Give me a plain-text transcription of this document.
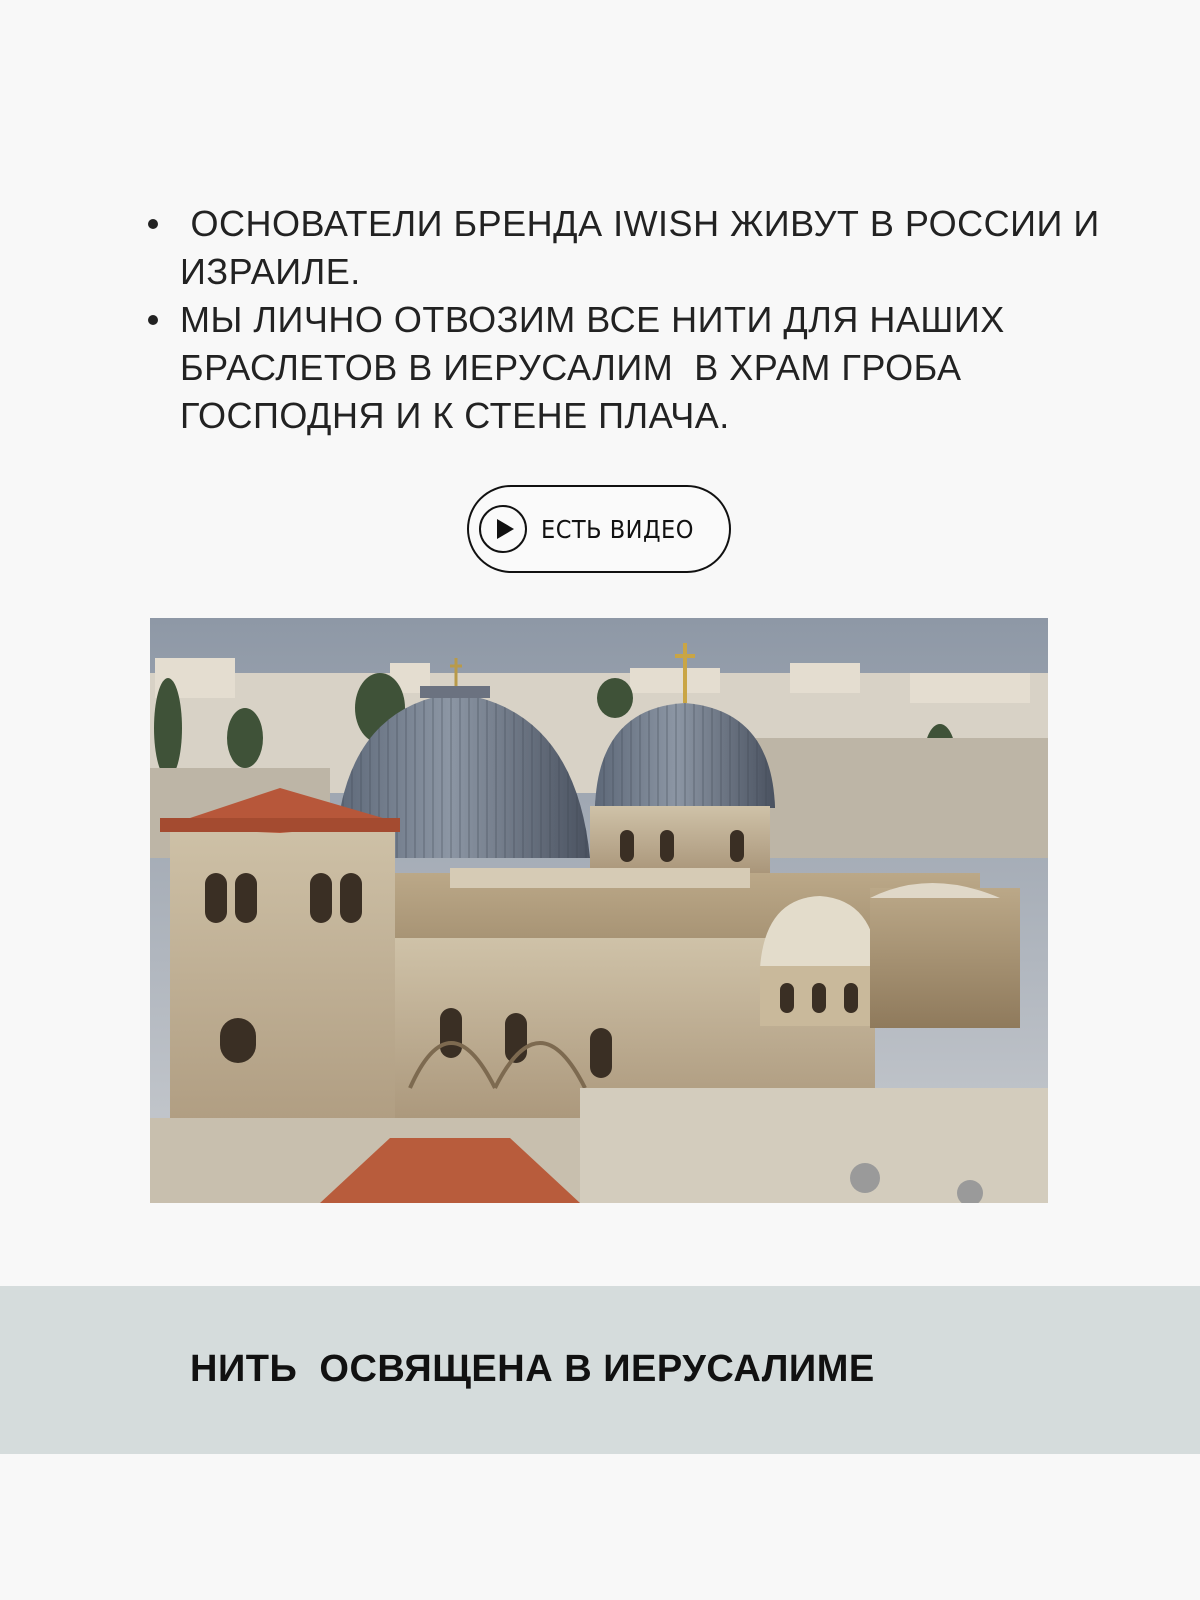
ОСНОВАТЕЛИ БРЕНДА IWISH ЖИВУТ В РОССИИ И ИЗРАИЛЕ.
МЫ ЛИЧНО ОТВОЗИМ ВСЕ НИТИ ДЛЯ НАШИХ БРАСЛЕТОВ В ИЕРУСАЛИМ  В ХРАМ ГРОБА ГОСПОДНЯ И К СТЕНЕ ПЛАЧА.
ЕСТЬ ВИДЕО
НИТЬ  ОСВЯЩЕНА В ИЕРУСАЛИМЕ
